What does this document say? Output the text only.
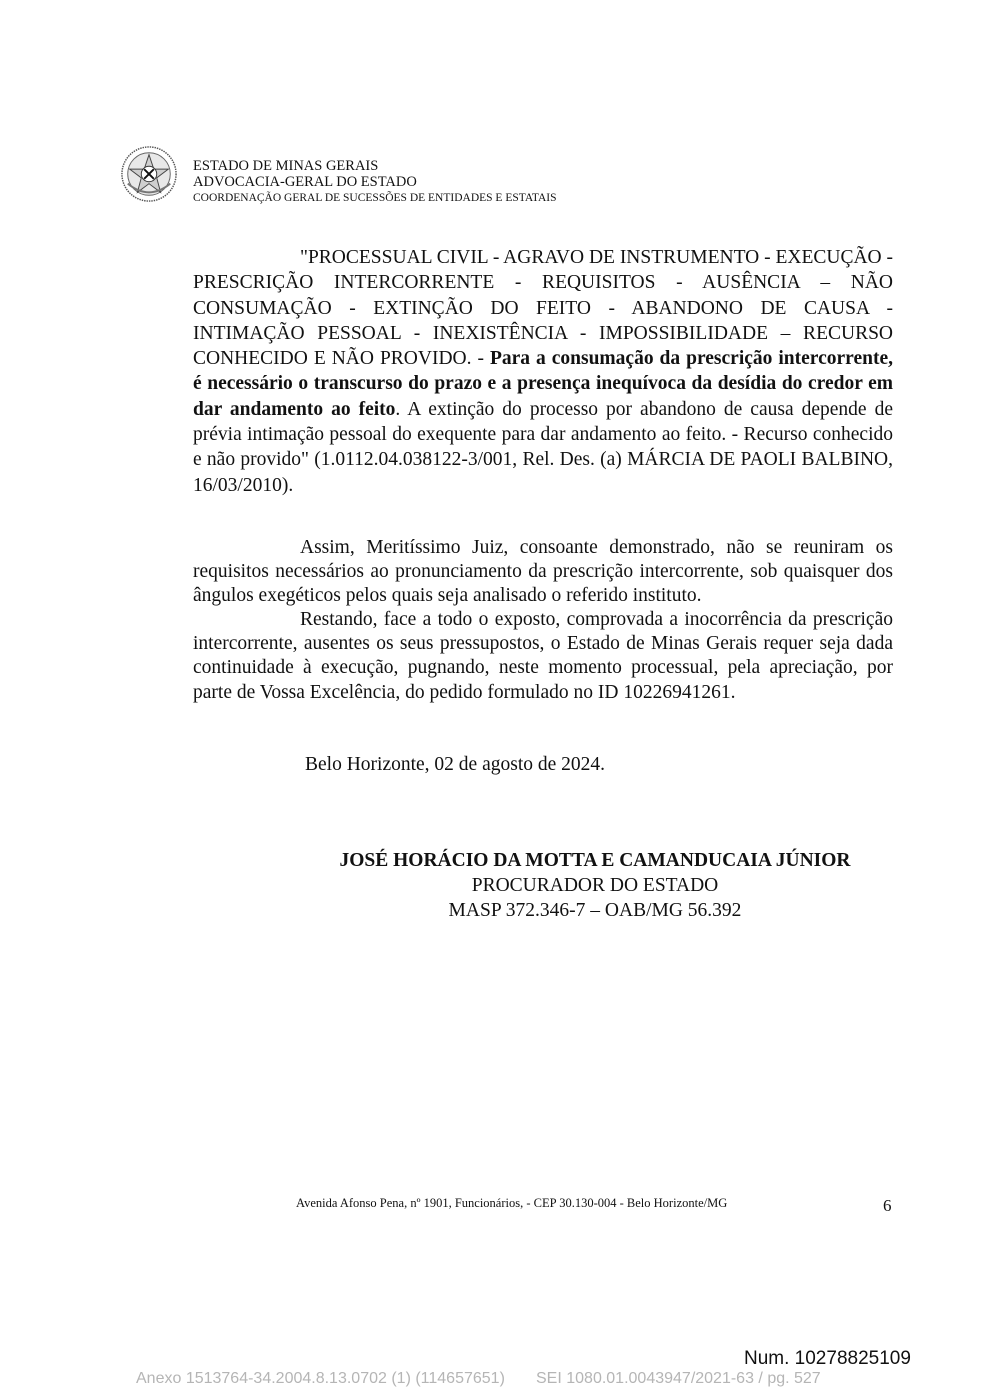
ESTADO DE MINAS GERAIS
ADVOCACIA-GERAL DO ESTADO
COORDENAÇÃO GERAL DE SUCESSÕES DE ENTIDADES E ESTATAIS
"PROCESSUAL CIVIL - AGRAVO DE INSTRUMENTO - EXECUÇÃO - PRESCRIÇÃO INTERCORRENTE - REQUISITOS - AUSÊNCIA – NÃO CONSUMAÇÃO - EXTINÇÃO DO FEITO - ABANDONO DE CAUSA - INTIMAÇÃO PESSOAL - INEXISTÊNCIA - IMPOSSIBILIDADE – RECURSO CONHECIDO E NÃO PROVIDO. - Para a consumação da prescrição intercorrente, é necessário o transcurso do prazo e a presença inequívoca da desídia do credor em dar andamento ao feito. A extinção do processo por abandono de causa depende de prévia intimação pessoal do exequente para dar andamento ao feito. - Recurso conhecido e não provido" (1.0112.04.038122-3/001, Rel. Des. (a) MÁRCIA DE PAOLI BALBINO, 16/03/2010).
Assim, Meritíssimo Juiz, consoante demonstrado, não se reuniram os requisitos necessários ao pronunciamento da prescrição intercorrente, sob quaisquer dos ângulos exegéticos pelos quais seja analisado o referido instituto.
Restando, face a todo o exposto, comprovada a inocorrência da prescrição intercorrente, ausentes os seus pressupostos, o Estado de Minas Gerais requer seja dada continuidade à execução, pugnando, neste momento processual, pela apreciação, por parte de Vossa Excelência, do pedido formulado no ID 10226941261.
Belo Horizonte, 02 de agosto de 2024.
JOSÉ HORÁCIO DA MOTTA E CAMANDUCAIA JÚNIOR
PROCURADOR DO ESTADO
MASP 372.346-7 – OAB/MG 56.392
Avenida Afonso Pena, nº 1901, Funcionários, - CEP 30.130-004 - Belo Horizonte/MG	6
Num. 10278825109
Anexo 1513764-34.2004.8.13.0702 (1) (114657651)       SEI 1080.01.0043947/2021-63 / pg. 527
